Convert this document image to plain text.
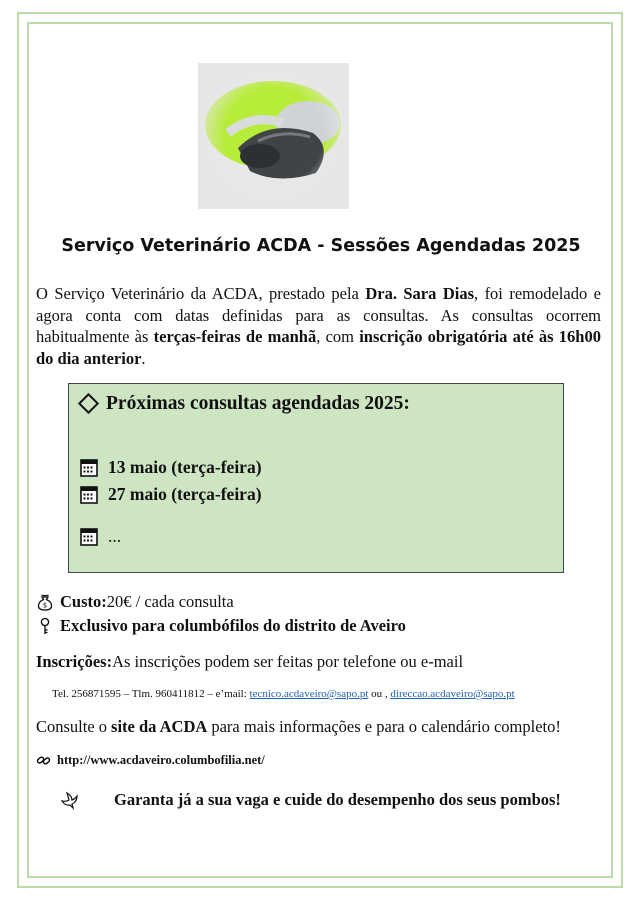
Serviço Veterinário ACDA - Sessões Agendadas 2025
O Serviço Veterinário da ACDA, prestado pela Dra. Sara Dias, foi remodelado e agora conta com datas definidas para as consultas. As consultas ocorrem habitualmente às terças-feiras de manhã, com inscrição obrigatória até às 16h00 do dia anterior.
Próximas consultas agendadas 2025:
13 maio (terça-feira)
27 maio (terça-feira)
...
$ Custo: 20€ / cada consulta
Exclusivo para columbófilos do distrito de Aveiro
Inscrições: As inscrições podem ser feitas por telefone ou e-mail
Tel. 256871595 – Tlm. 960411812 – e’mail: tecnico.acdaveiro@sapo.pt ou , direccao.acdaveiro@sapo.pt
Consulte o site da ACDA para mais informações e para o calendário completo!
http://www.acdaveiro.columbofilia.net/
Garanta já a sua vaga e cuide do desempenho dos seus pombos!
